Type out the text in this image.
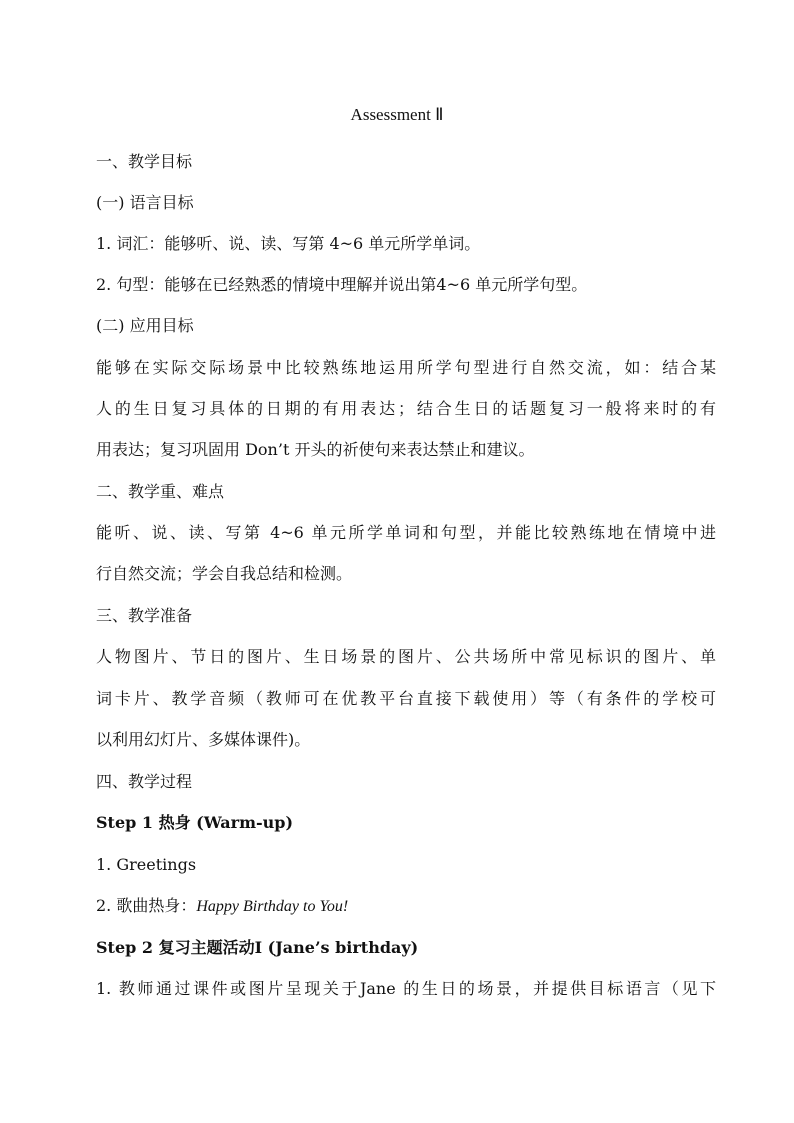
Assessment Ⅱ
一、教学目标
(一) 语言目标
1. 词汇：能够听、说、读、写第 4~6 单元所学单词。
2. 句型：能够在已经熟悉的情境中理解并说出第4~6 单元所学句型。
(二) 应用目标
能够在实际交际场景中比较熟练地运用所学句型进行自然交流，如：结合某
人的生日复习具体的日期的有用表达；结合生日的话题复习一般将来时的有
用表达；复习巩固用 Don’t 开头的祈使句来表达禁止和建议。
二、教学重、难点
能听、说、读、写第 4~6 单元所学单词和句型，并能比较熟练地在情境中进
行自然交流；学会自我总结和检测。
三、教学准备
人物图片、节日的图片、生日场景的图片、公共场所中常见标识的图片、单
词卡片、教学音频（教师可在优教平台直接下载使用）等（有条件的学校可
以利用幻灯片、多媒体课件)。
四、教学过程
Step 1 热身 (Warm-up)
1. Greetings
2. 歌曲热身：Happy Birthday to You!
Step 2 复习主题活动Ⅰ (Jane’s birthday)
1. 教师通过课件或图片呈现关于Jane 的生日的场景，并提供目标语言（见下
